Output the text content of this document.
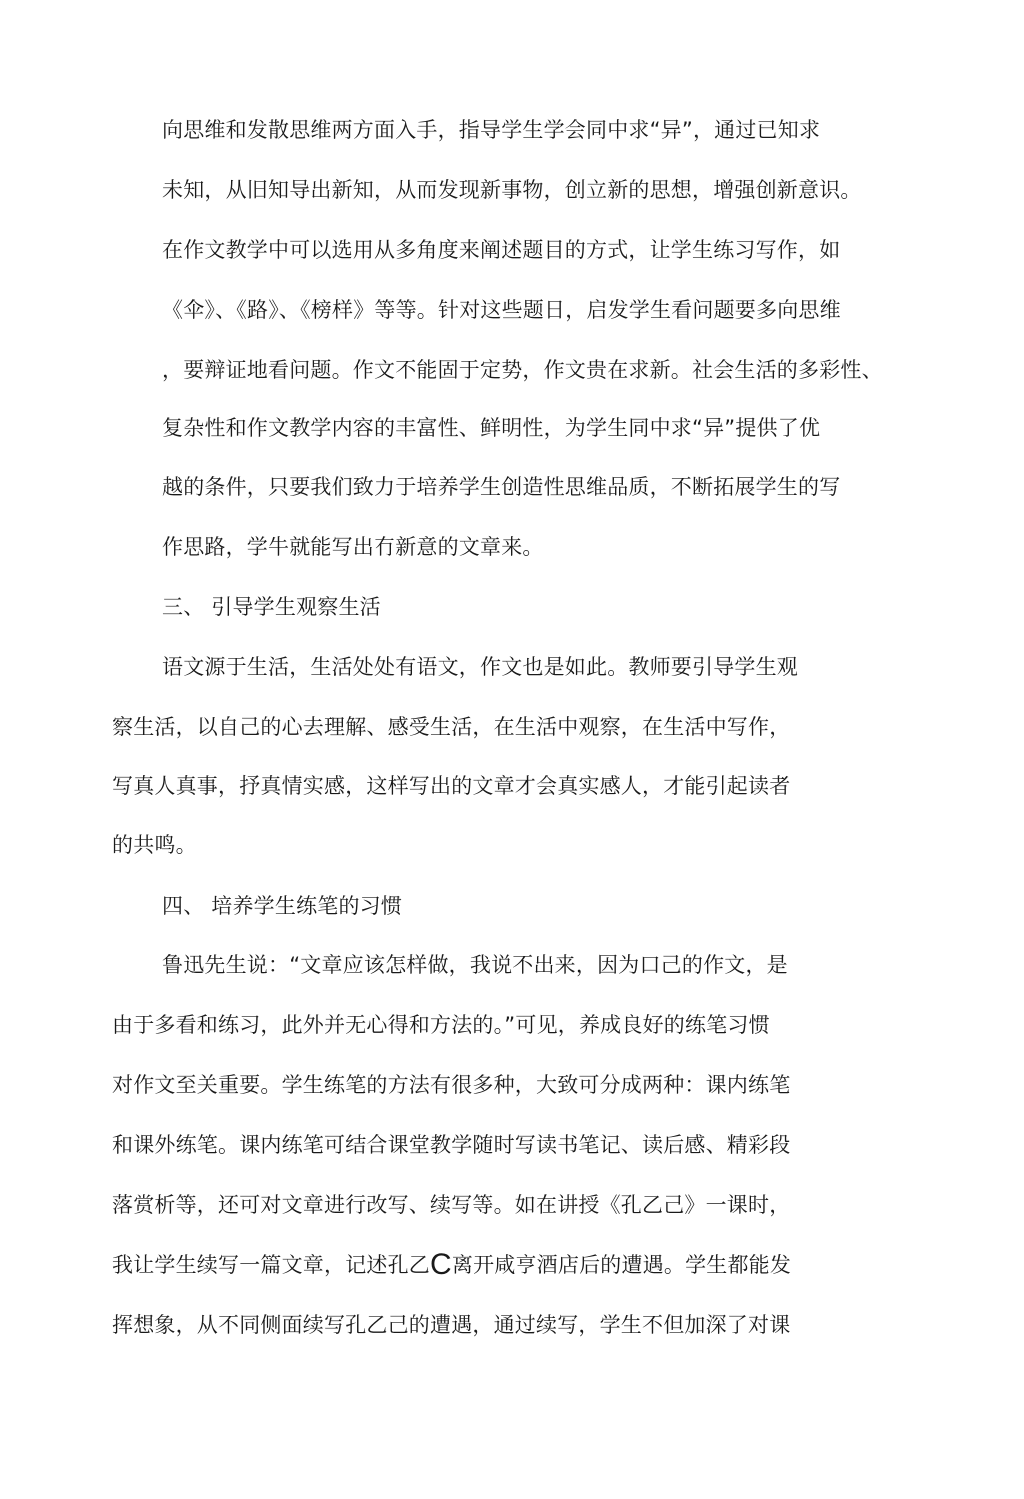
向思维和发散思维两方面入手，指导学生学会同中求“异”，通过已知求
未知，从旧知导出新知，从而发现新事物，创立新的思想，增强创新意识。
在作文教学中可以选用从多角度来阐述题目的方式，让学生练习写作，如
《伞》、《路》、《榜样》等等。针对这些题日，启发学生看问题要多向思维
，要辩证地看问题。作文不能固于定势，作文贵在求新。社会生活的多彩性、
复杂性和作文教学内容的丰富性、鲜明性，为学生同中求“异”提供了优
越的条件，只要我们致力于培养学生创造性思维品质，不断拓展学生的写
作思路，学牛就能写出冇新意的文章来。
三、 引导学生观察生活
语文源于生活，生活处处有语文，作文也是如此。教师要引导学生观
察生活，以自己的心去理解、感受生活，在生活中观察，在生活中写作，
写真人真事，抒真情实感，这样写出的文章才会真实感人，才能引起读者
的共鸣。
四、 培养学生练笔的习惯
鲁迅先生说：“文章应该怎样做，我说不出来，因为口己的作文，是
由于多看和练习，此外并无心得和方法的。”可见，养成良好的练笔习惯
对作文至关重要。学生练笔的方法有很多种，大致可分成两种：课内练笔
和课外练笔。课内练笔可结合课堂教学随时写读书笔记、读后感、精彩段
落赏析等，还可对文章进行改写、续写等。如在讲授《孔乙己》一课时，
我让学生续写一篇文章，记述孔乙C离开咸亨酒店后的遭遇。学生都能发
挥想象，从不同侧面续写孔乙己的遭遇，通过续写，学生不但加深了对课
